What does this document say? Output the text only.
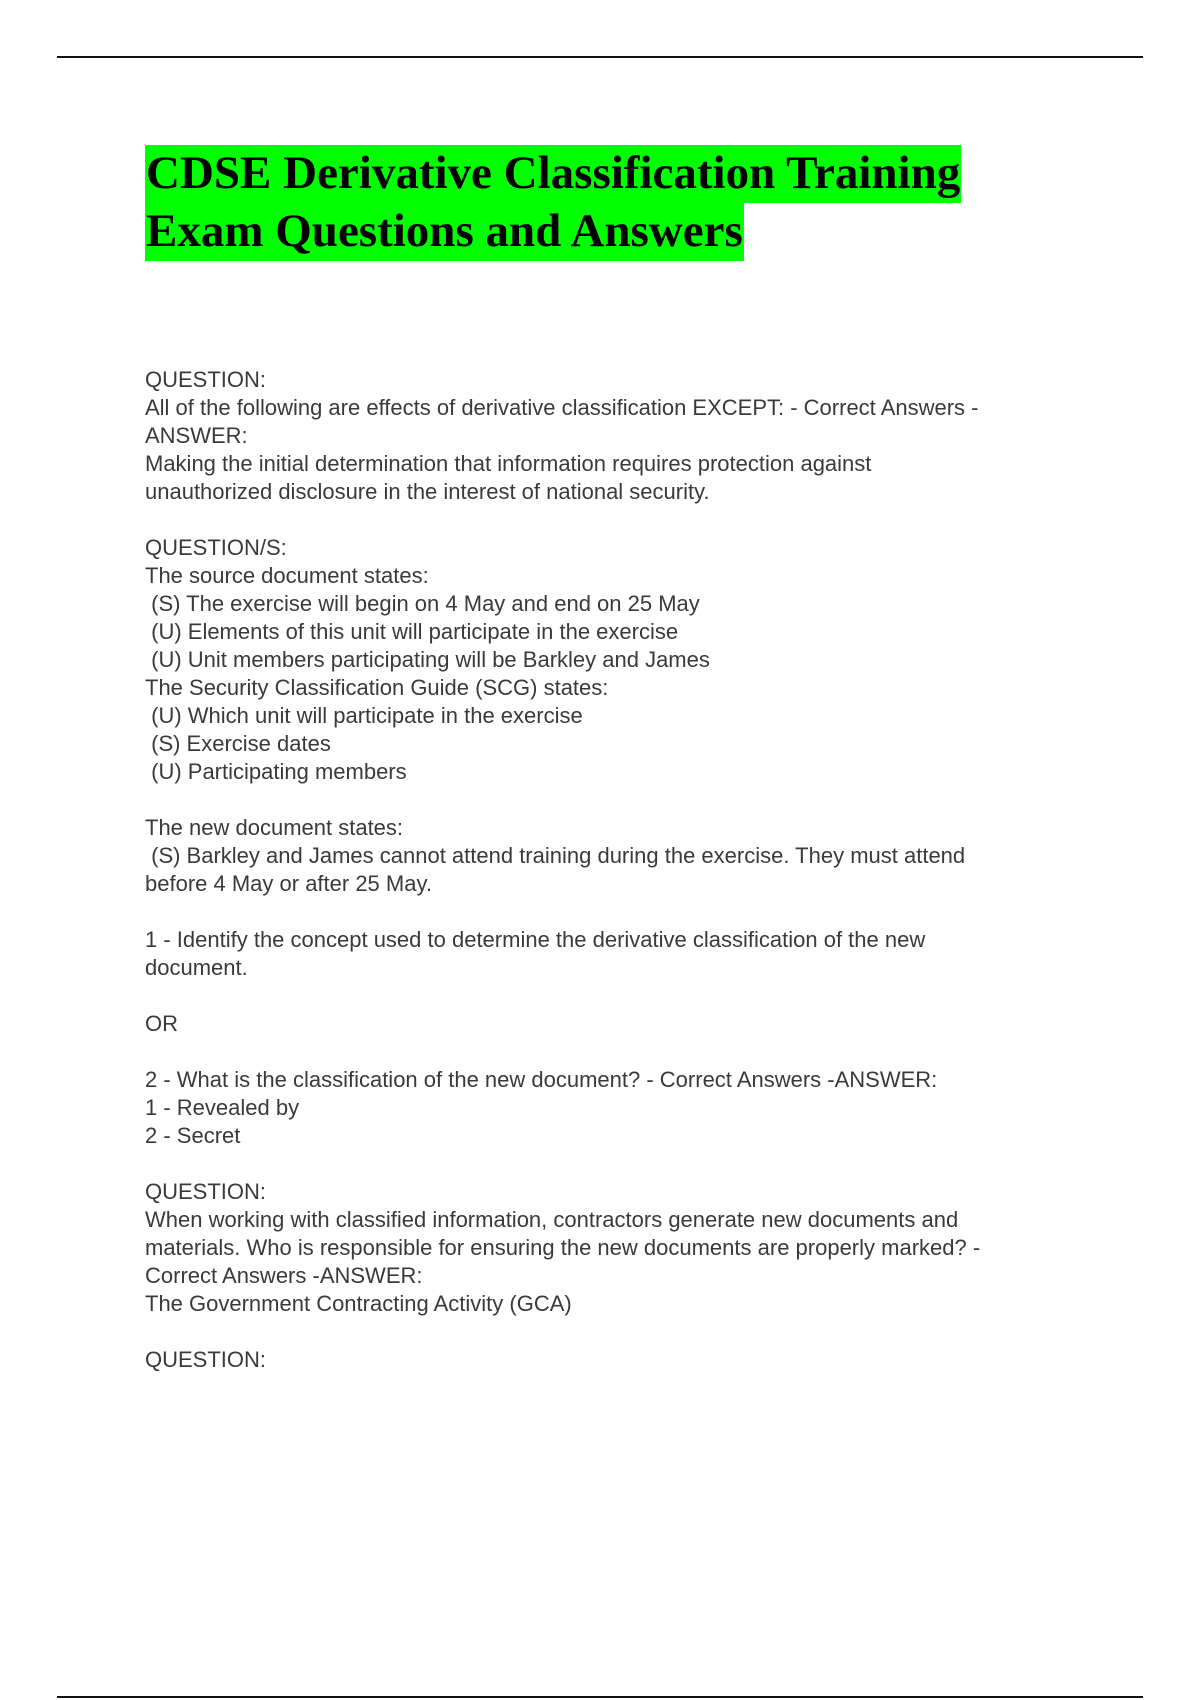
CDSE Derivative Classification Training
Exam Questions and Answers
QUESTION:
All of the following are effects of derivative classification EXCEPT: - Correct Answers -
ANSWER:
Making the initial determination that information requires protection against
unauthorized disclosure in the interest of national security.
QUESTION/S:
The source document states:
(S) The exercise will begin on 4 May and end on 25 May
(U) Elements of this unit will participate in the exercise
(U) Unit members participating will be Barkley and James
The Security Classification Guide (SCG) states:
(U) Which unit will participate in the exercise
(S) Exercise dates
(U) Participating members
The new document states:
(S) Barkley and James cannot attend training during the exercise. They must attend
before 4 May or after 25 May.
1 - Identify the concept used to determine the derivative classification of the new
document.
OR
2 - What is the classification of the new document? - Correct Answers -ANSWER:
1 - Revealed by
2 - Secret
QUESTION:
When working with classified information, contractors generate new documents and
materials. Who is responsible for ensuring the new documents are properly marked? -
Correct Answers -ANSWER:
The Government Contracting Activity (GCA)
QUESTION:
